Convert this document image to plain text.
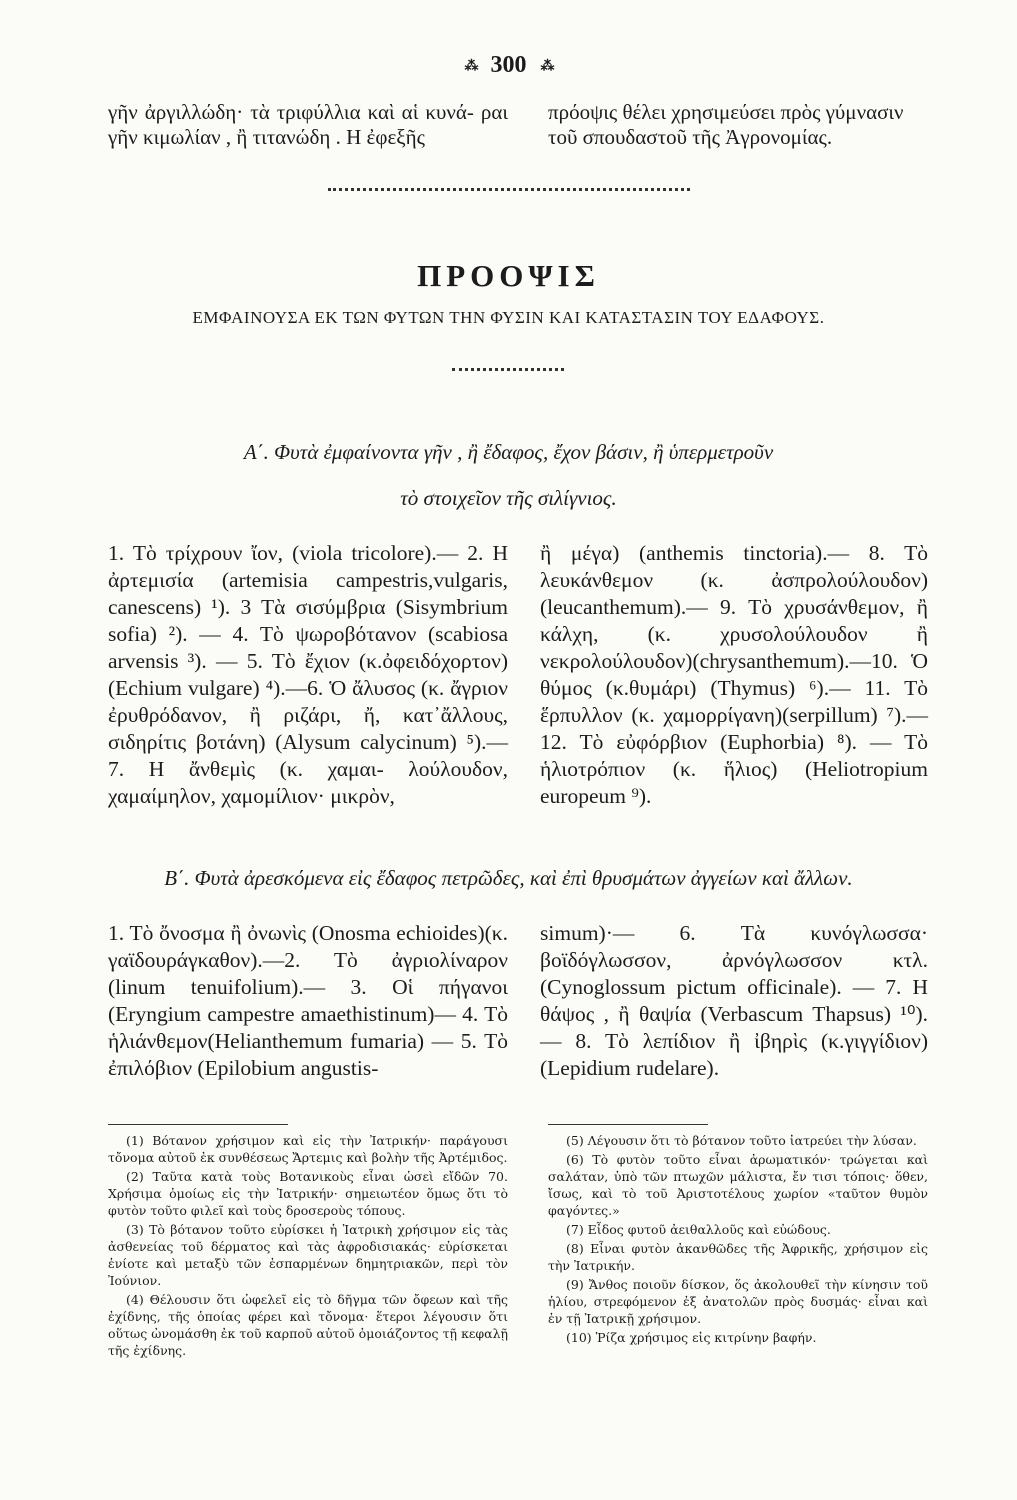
⁂ 300 ⁂
γῆν ἀργιλλώδη· τὰ τριφύλλια καὶ αἱ κυνά- ραι γῆν κιμωλίαν , ἢ τιτανώδη . Η ἐφεξῆς
πρόοψις θέλει χρησιμεύσει πρὸς γύμνασιν τοῦ σπουδαστοῦ τῆς Ἀγρονομίας.
ΠΡΟΟΨΙΣ
ΕΜΦΑΙΝΟΥΣΑ ΕΚ ΤΩΝ ΦΥΤΩΝ ΤΗΝ ΦΥΣΙΝ ΚΑΙ ΚΑΤΑΣΤΑΣΙΝ ΤΟΥ ΕΔΑΦΟΥΣ.
Α΄. Φυτὰ ἐμφαίνοντα γῆν , ἢ ἔδαφος, ἔχον βάσιν, ἢ ὑπερμετροῦν
τὸ στοιχεῖον τῆς σιλίγνιος.

1. Τὸ τρίχρουν ἴον, (viola tricolore).— 2. Η ἀρτεμισία (artemisia campestris,vulgaris, canescens) ¹). 3 Τὰ σισύμβρια (Sisymbrium sofia) ²). — 4. Τὸ ψωροβότανον (scabiosa arvensis ³). — 5. Τὸ ἔχιον (κ.ὀφειδόχορτον)(Echium vulgare) ⁴).—6. Ὁ ἄλυσος (κ. ἄγριον ἐρυθρόδανον, ἢ ριζάρι, ἤ, κατ᾽ἄλλους, σιδηρίτις βοτάνη) (Alysum calycinum) ⁵).— 7. Η ἄνθεμὶς (κ. χαμαι- λούλουδον, χαμαίμηλον, χαμομίλιον· μικρὸν,

ἢ μέγα) (anthemis tinctoria).— 8. Τὸ λευκάνθεμον (κ. ἀσπρολούλουδον) (leucanthemum).— 9. Τὸ χρυσάνθεμον, ἢ κάλχη, (κ. χρυσολούλουδον ἢ νεκρολούλουδον)(chrysanthemum).—10. Ὁ θύμος (κ.θυμάρι) (Thymus) ⁶).— 11. Τὸ ἕρπυλλον (κ. χαμορρίγανη)(serpillum) ⁷).—12. Τὸ εὐφόρβιον (Euphorbia) ⁸). — Τὸ ἡλιοτρόπιον (κ. ἥλιος) (Heliotropium europeum ⁹).

Β΄. Φυτὰ ἀρεσκόμενα εἰς ἔδαφος πετρῶδες, καὶ ἐπὶ θρυσμάτων ἀγγείων καὶ ἄλλων.

1. Τὸ ὄνοσμα ἢ ὀνωνὶς (Onosma echioides)(κ. γαϊδουράγκαθον).—2. Τὸ ἀγριολίναρον (linum tenuifolium).— 3. Οἱ πήγανοι (Eryngium campestre amaethistinum)— 4. Τὸ ἡλιάνθεμον(Helianthemum fumaria) — 5. Τὸ ἐπιλόβιον (Epilobium angustis-

simum)·— 6. Τὰ κυνόγλωσσα· βοϊδόγλωσσον, ἀρνόγλωσσον κτλ. (Cynoglossum pictum officinale). — 7. Η θάψος , ἢ θαψία (Verbascum Thapsus) ¹⁰). — 8. Τὸ λεπίδιον ἢ ἰβηρὶς (κ.γιγγίδιον)(Lepidium rudelare).

(1) Βότανον χρήσιμον καὶ εἰς τὴν Ἰατρικήν· παράγουσι τὄνομα αὐτοῦ ἐκ συνθέσεως Ἄρτεμις καὶ βολὴν τῆς Ἀρτέμιδος.

(2) Ταῦτα κατὰ τοὺς Βοτανικοὺς εἶναι ὡσεὶ εἴδῶν 70. Χρήσιμα ὁμοίως εἰς τὴν Ἰατρικήν· σημειωτέον ὅμως ὅτι τὸ φυτὸν τοῦτο φιλεῖ καὶ τοὺς δροσεροὺς τόπους.

(3) Τὸ βότανον τοῦτο εὑρίσκει ἡ Ἰατρικὴ χρήσιμον εἰς τὰς ἀσθενείας τοῦ δέρματος καὶ τὰς ἀφροδισιακάς· εὑρίσκεται ἐνίοτε καὶ μεταξὺ τῶν ἐσπαρμένων δημητριακῶν, περὶ τὸν Ἰούνιον.

(4) Θέλουσιν ὅτι ὠφελεῖ εἰς τὸ δῆγμα τῶν ὄφεων καὶ τῆς ἐχίδνης, τῆς ὁποίας φέρει καὶ τὄνομα· ἕτεροι λέγουσιν ὅτι οὕτως ὠνομάσθη ἐκ τοῦ καρποῦ αὐτοῦ ὁμοιάζοντος τῇ κεφαλῇ τῆς ἐχίδνης.

(5) Λέγουσιν ὅτι τὸ βότανον τοῦτο ἰατρεύει τὴν λύσαν.

(6) Τὸ φυτὸν τοῦτο εἶναι ἀρωματικόν· τρώγεται καὶ σαλάταν, ὑπὸ τῶν πτωχῶν μάλιστα, ἔν τισι τόποις· ὅθεν, ἴσως, καὶ τὸ τοῦ Ἀριστοτέλους χωρίον «ταῦτον θυμὸν φαγόντες.»

(7) Εἶδος φυτοῦ ἀειθαλλοῦς καὶ εὐώδους.

(8) Εἶναι φυτὸν ἀκανθῶδες τῆς Ἀφρικῆς, χρήσιμον εἰς τὴν Ἰατρικήν.

(9) Ἄνθος ποιοῦν δίσκον, ὅς ἀκολουθεῖ τὴν κίνησιν τοῦ ἡλίου, στρεφόμενον ἐξ ἀνατολῶν πρὸς δυσμάς· εἶναι καὶ ἐν τῇ Ἰατρικῇ χρήσιμον.

(10) Ῥίζα χρήσιμος εἰς κιτρίνην βαφήν.
